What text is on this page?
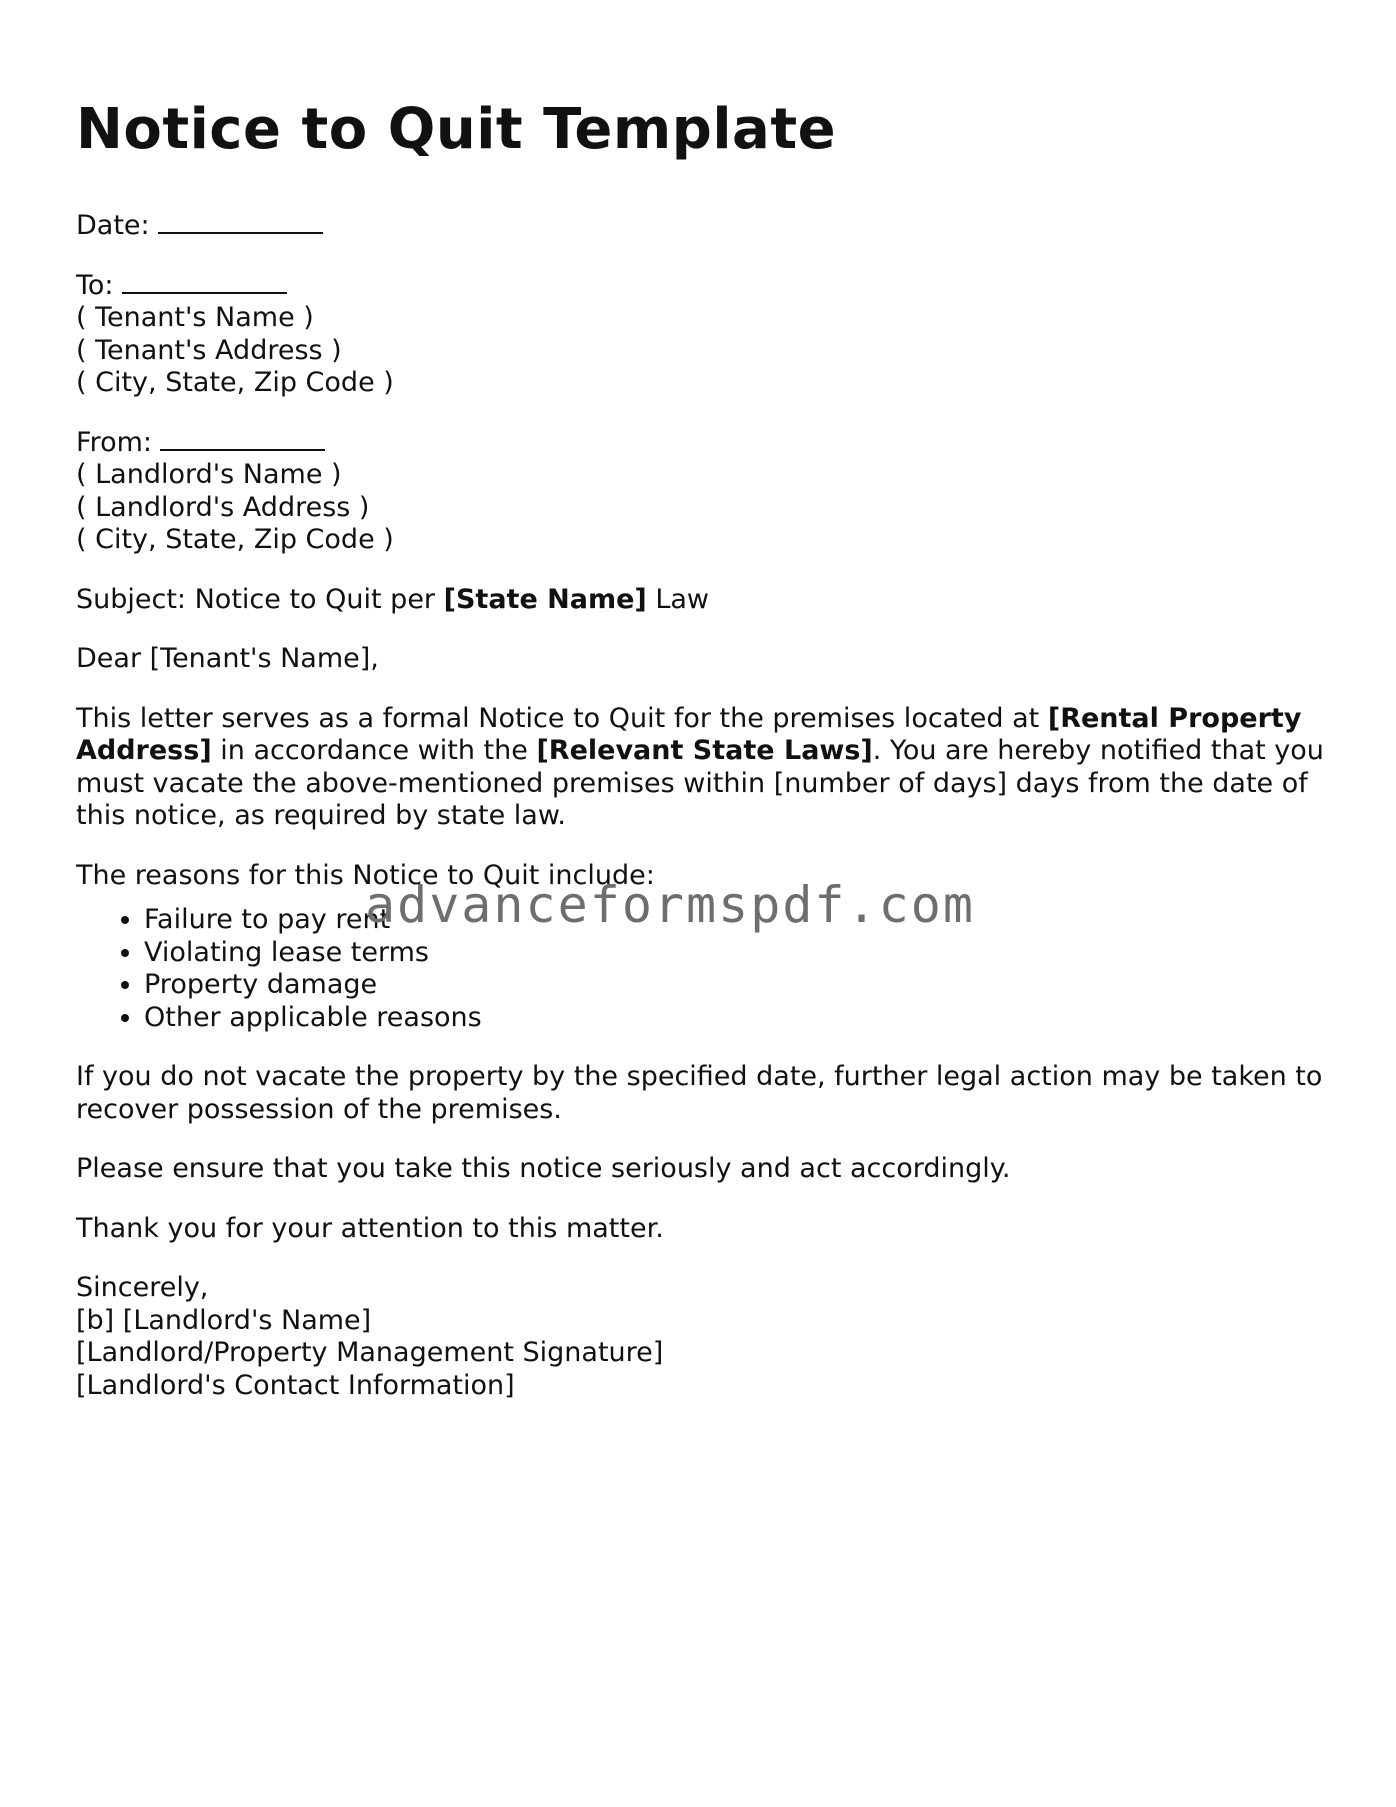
Notice to Quit Template
Date:
To:
( Tenant's Name )
( Tenant's Address )
( City, State, Zip Code )
From:
( Landlord's Name )
( Landlord's Address )
( City, State, Zip Code )

Subject: Notice to Quit per [State Name] Law

Dear [Tenant's Name],

This letter serves as a formal Notice to Quit for the premises located at [Rental Property Address] in accordance with the [Relevant State Laws]. You are hereby notified that you must vacate the above-mentioned premises within [number of days] days from the date of this notice, as required by state law.

The reasons for this Notice to Quit include:

• Failure to pay rent
• Violating lease terms
• Property damage
• Other applicable reasons

If you do not vacate the property by the specified date, further legal action may be taken to recover possession of the premises.

Please ensure that you take this notice seriously and act accordingly.

Thank you for your attention to this matter.

Sincerely,
[b] [Landlord's Name]
[Landlord/Property Management Signature]
[Landlord's Contact Information]
advanceformspdf.com
